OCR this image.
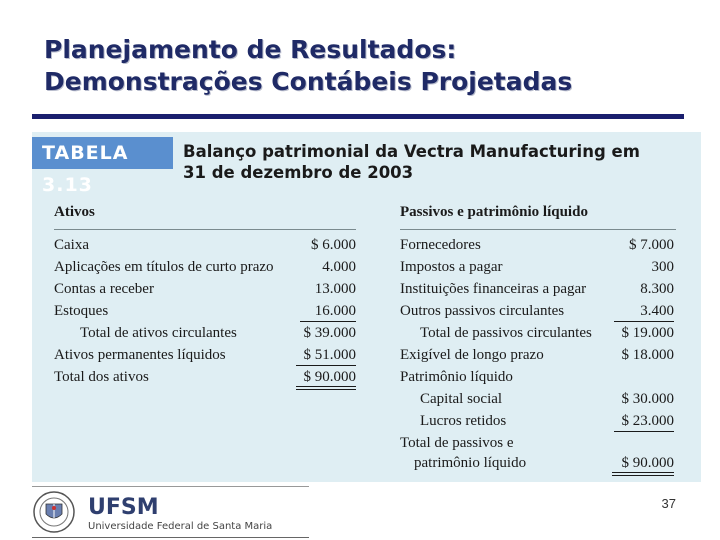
Planejamento de Resultados:
Demonstrações Contábeis Projetadas
TABELA 3.13
Balanço patrimonial da Vectra Manufacturing em
31 de dezembro de 2003
Ativos	Passivos e patrimônio líquido
Caixa	$ 6.000
Aplicações em títulos de curto prazo	4.000
Contas a receber	13.000
Estoques	16.000
Total de ativos circulantes	$ 39.000
Ativos permanentes líquidos	$ 51.000
Total dos ativos	$ 90.000
Fornecedores	$ 7.000
Impostos a pagar	300
Instituições financeiras a pagar	8.300
Outros passivos circulantes	3.400
Total de passivos circulantes	$ 19.000
Exigível de longo prazo	$ 18.000
Patrimônio líquido
Capital social	$ 30.000
Lucros retidos	$ 23.000
Total de passivos e
patrimônio líquido	$ 90.000
UFSM
Universidade Federal de Santa Maria
37
